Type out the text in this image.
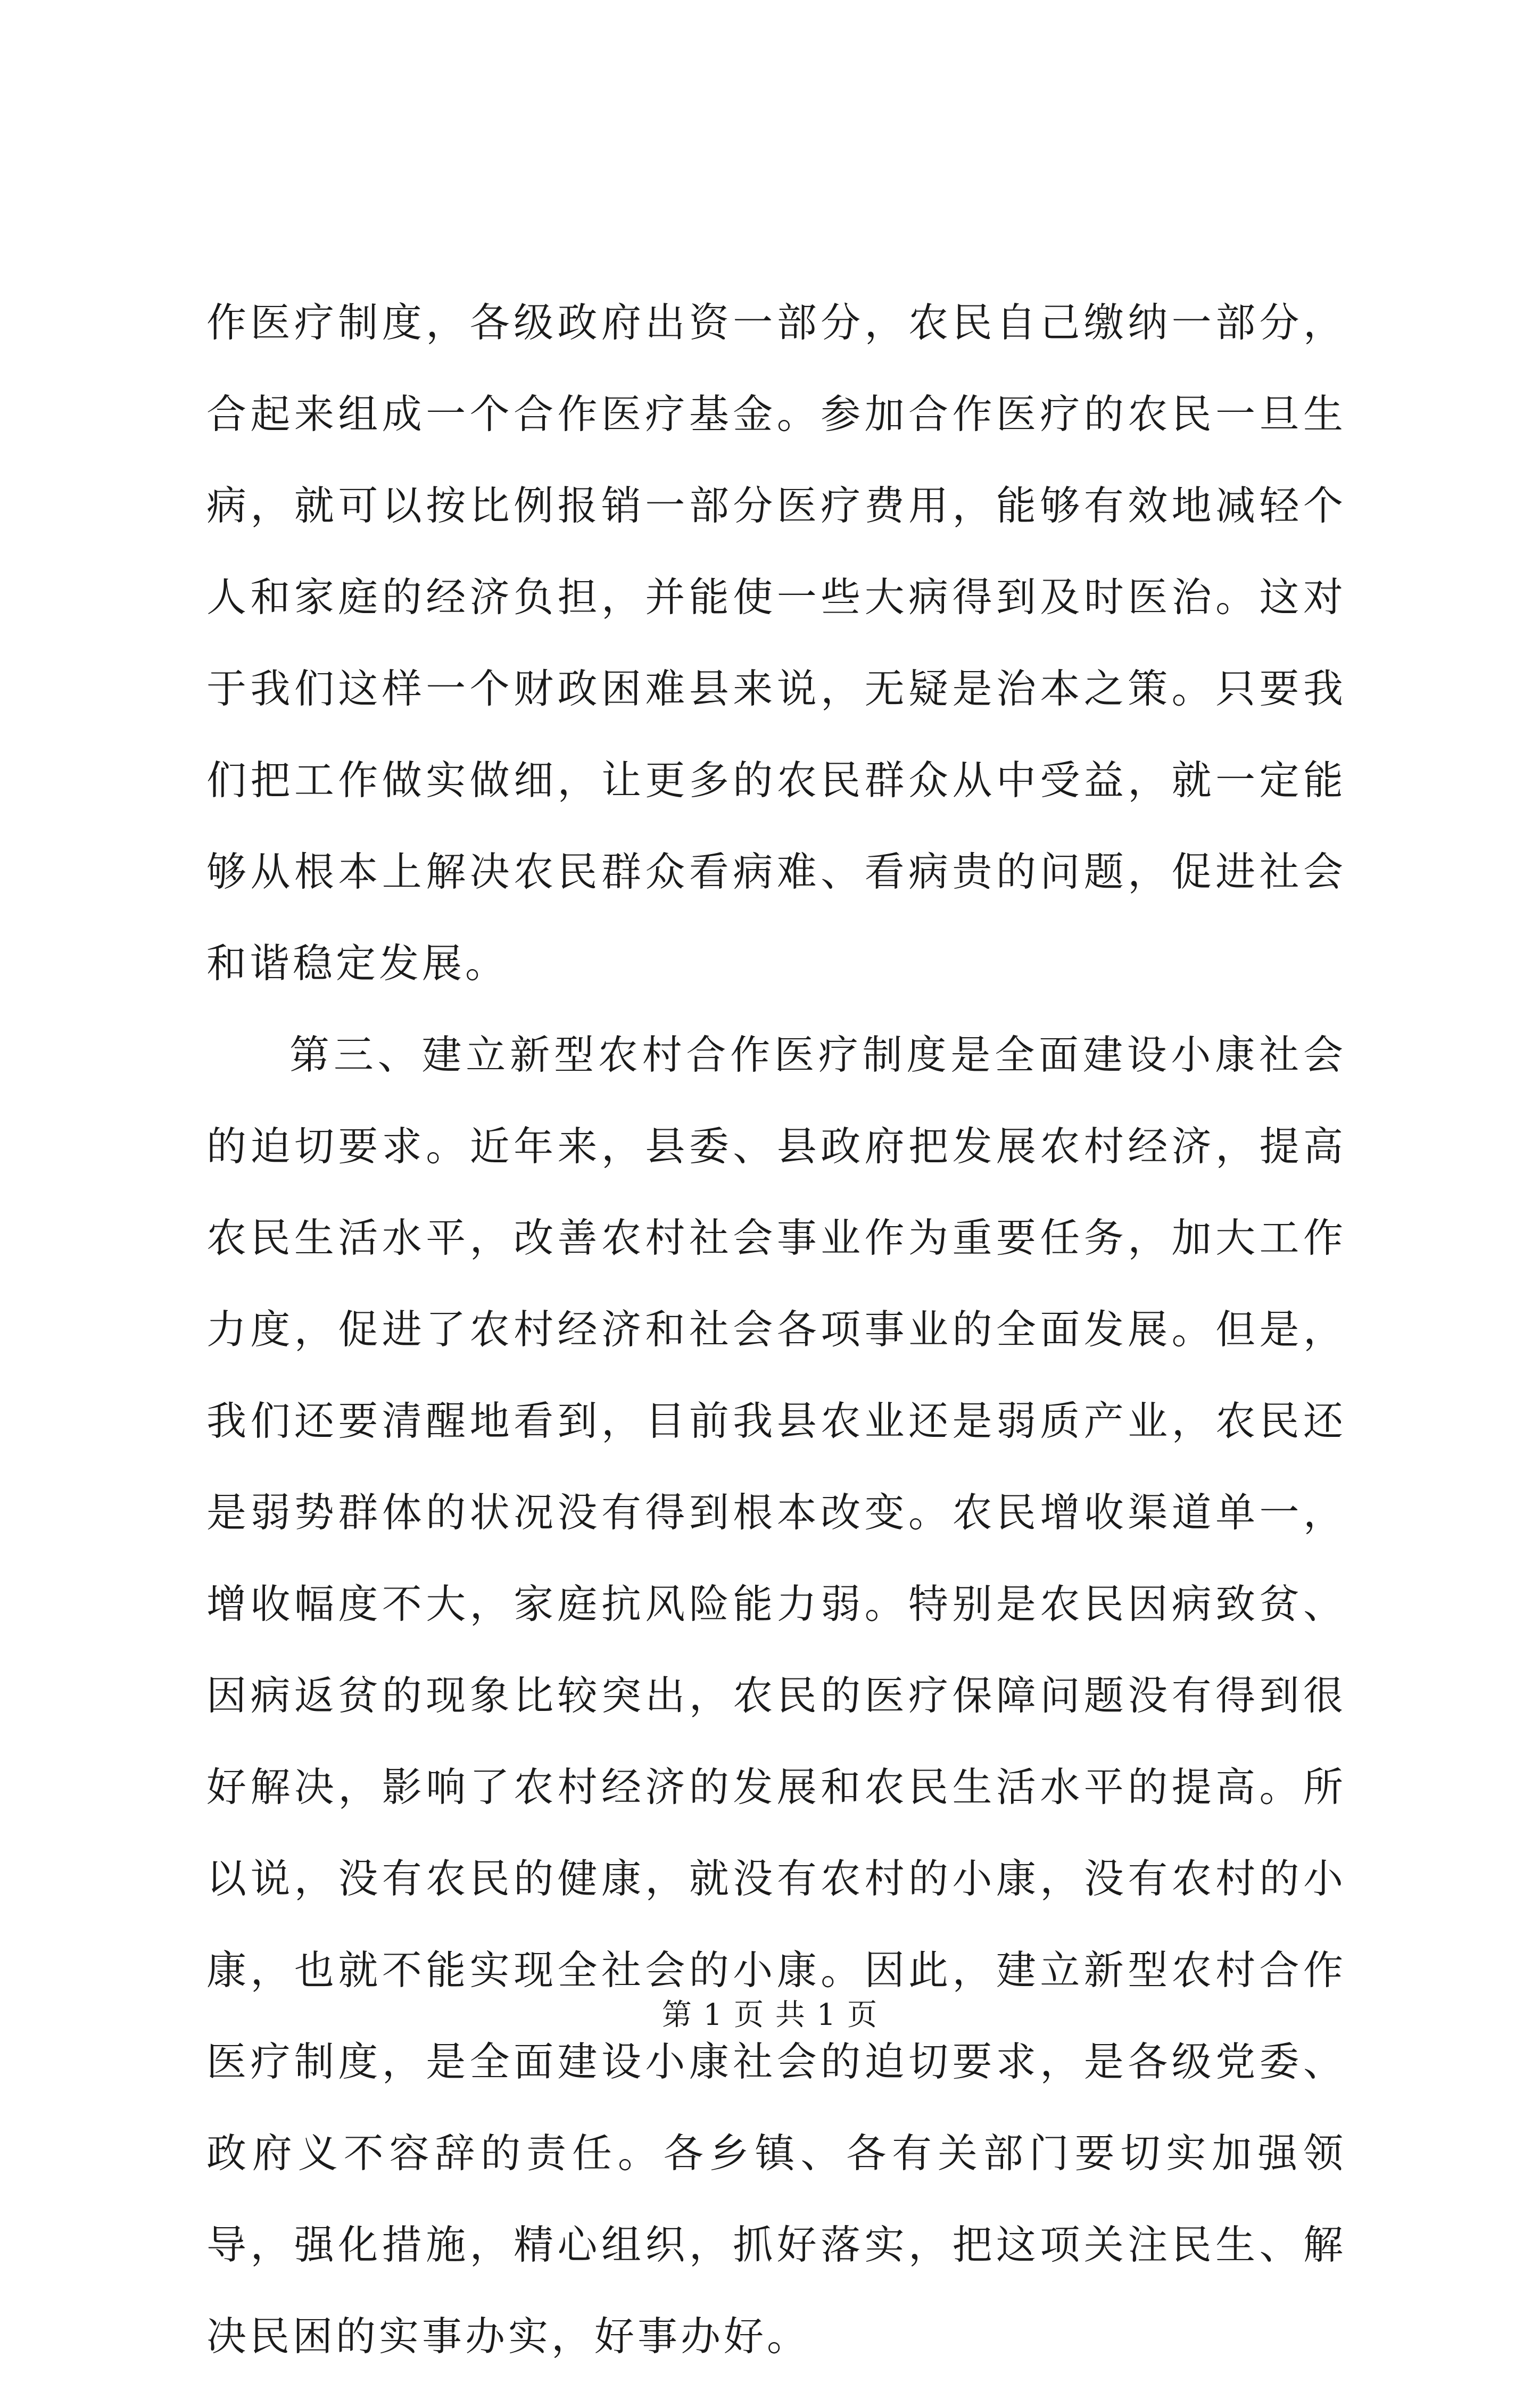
作医疗制度，各级政府出资一部分，农民自己缴纳一部分，合起来组成一个合作医疗基金。参加合作医疗的农民一旦生病，就可以按比例报销一部分医疗费用，能够有效地减轻个人和家庭的经济负担，并能使一些大病得到及时医治。这对于我们这样一个财政困难县来说，无疑是治本之策。只要我们把工作做实做细，让更多的农民群众从中受益，就一定能够从根本上解决农民群众看病难、看病贵的问题，促进社会和谐稳定发展。

第三、建立新型农村合作医疗制度是全面建设小康社会的迫切要求。近年来，县委、县政府把发展农村经济，提高农民生活水平，改善农村社会事业作为重要任务，加大工作力度，促进了农村经济和社会各项事业的全面发展。但是，我们还要清醒地看到，目前我县农业还是弱质产业，农民还是弱势群体的状况没有得到根本改变。农民增收渠道单一，增收幅度不大，家庭抗风险能力弱。特别是农民因病致贫、因病返贫的现象比较突出，农民的医疗保障问题没有得到很好解决，影响了农村经济的发展和农民生活水平的提高。所以说，没有农民的健康，就没有农村的小康，没有农村的小康，也就不能实现全社会的小康。因此，建立新型农村合作医疗制度，是全面建设小康社会的迫切要求，是各级党委、政府义不容辞的责任。各乡镇、各有关部门要切实加强领导，强化措施，精心组织，抓好落实，把这项关注民生、解决民困的实事办实，好事办好。

第 1 页 共 1 页
